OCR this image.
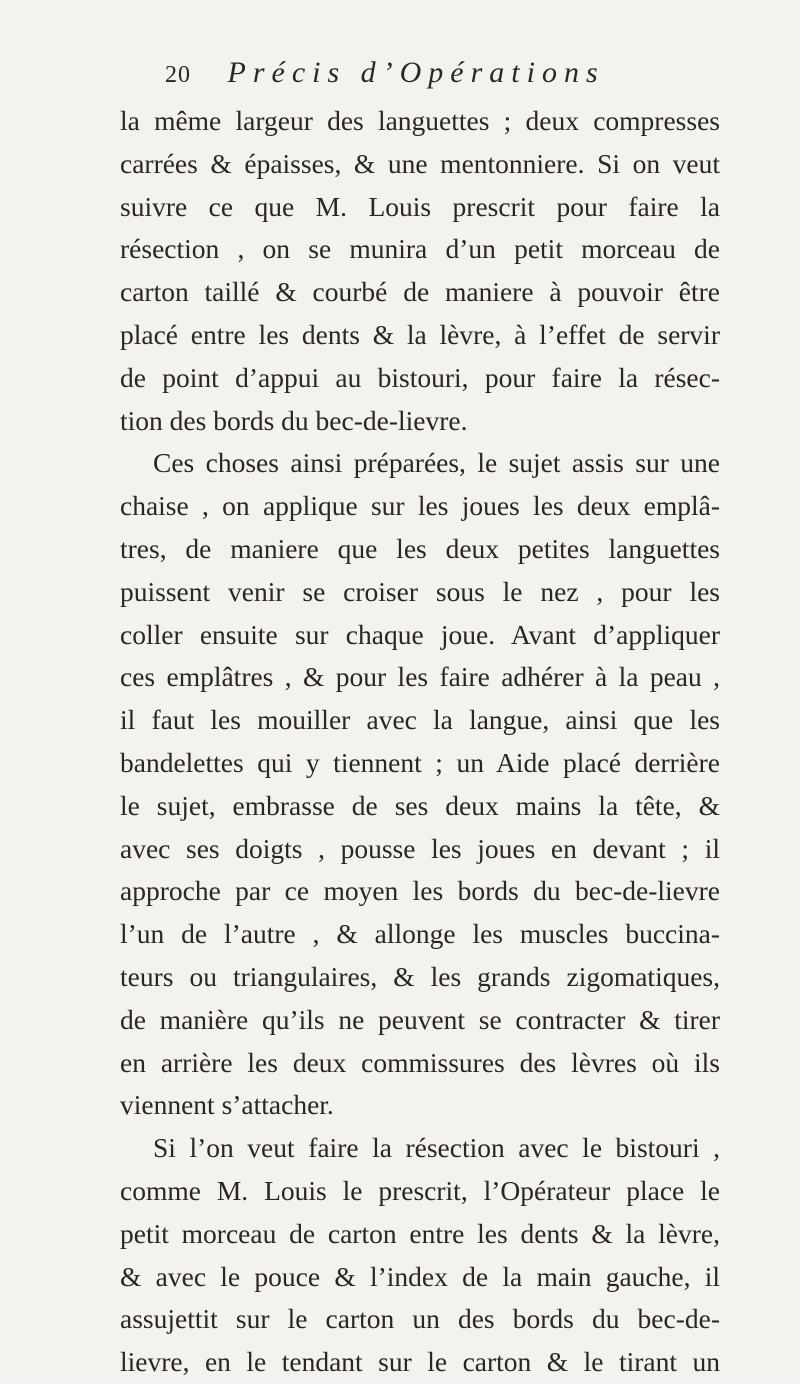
20 Précis d’Opérations
la même largeur des languettes ; deux compresses
carrées & épaisses, & une mentonniere. Si on veut
suivre ce que M. Louis prescrit pour faire la
résection , on se munira d’un petit morceau de
carton taillé & courbé de maniere à pouvoir être
placé entre les dents & la lèvre, à l’effet de servir
de point d’appui au bistouri, pour faire la résec-
tion des bords du bec-de-lievre.
Ces choses ainsi préparées, le sujet assis sur une
chaise , on applique sur les joues les deux emplâ-
tres, de maniere que les deux petites languettes
puissent venir se croiser sous le nez , pour les
coller ensuite sur chaque joue. Avant d’appliquer
ces emplâtres , & pour les faire adhérer à la peau ,
il faut les mouiller avec la langue, ainsi que les
bandelettes qui y tiennent ; un Aide placé derrière
le sujet, embrasse de ses deux mains la tête, &
avec ses doigts , pousse les joues en devant ; il
approche par ce moyen les bords du bec-de-lievre
l’un de l’autre , & allonge les muscles buccina-
teurs ou triangulaires, & les grands zigomatiques,
de manière qu’ils ne peuvent se contracter & tirer
en arrière les deux commissures des lèvres où ils
viennent s’attacher.
Si l’on veut faire la résection avec le bistouri ,
comme M. Louis le prescrit, l’Opérateur place le
petit morceau de carton entre les dents & la lèvre,
& avec le pouce & l’index de la main gauche, il
assujettit sur le carton un des bords du bec-de-
lievre, en le tendant sur le carton & le tirant un
